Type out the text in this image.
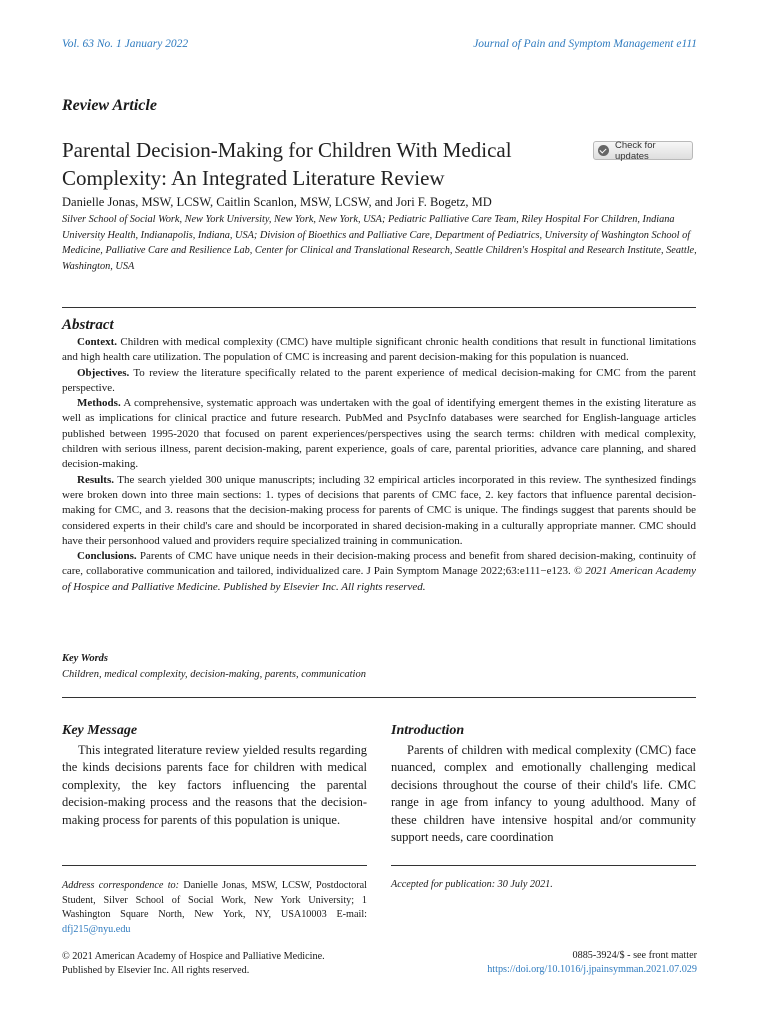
Vol. 63 No. 1 January 2022	Journal of Pain and Symptom Management e111
Review Article
Parental Decision-Making for Children With Medical Complexity: An Integrated Literature Review
Check for updates
Danielle Jonas, MSW, LCSW, Caitlin Scanlon, MSW, LCSW, and Jori F. Bogetz, MD
Silver School of Social Work, New York University, New York, New York, USA; Pediatric Palliative Care Team, Riley Hospital For Children, Indiana University Health, Indianapolis, Indiana, USA; Division of Bioethics and Palliative Care, Department of Pediatrics, University of Washington School of Medicine, Palliative Care and Resilience Lab, Center for Clinical and Translational Research, Seattle Children's Hospital and Research Institute, Seattle, Washington, USA
Abstract

Context. Children with medical complexity (CMC) have multiple significant chronic health conditions that result in functional limitations and high health care utilization. The population of CMC is increasing and parent decision-making for this population is nuanced.

Objectives. To review the literature specifically related to the parent experience of medical decision-making for CMC from the parent perspective.

Methods. A comprehensive, systematic approach was undertaken with the goal of identifying emergent themes in the existing literature as well as implications for clinical practice and future research. PubMed and PsycInfo databases were searched for English-language articles published between 1995-2020 that focused on parent experiences/perspectives using the search terms: children with medical complexity, children with serious illness, parent decision-making, parent experience, goals of care, parental priorities, advance care planning, and shared decision-making.

Results. The search yielded 300 unique manuscripts; including 32 empirical articles incorporated in this review. The synthesized findings were broken down into three main sections: 1. types of decisions that parents of CMC face, 2. key factors that influence parental decision-making for CMC, and 3. reasons that the decision-making process for parents of CMC is unique. The findings suggest that parents should be considered experts in their child's care and should be incorporated in shared decision-making in a culturally appropriate manner. CMC should have their personhood valued and providers require specialized training in communication.

Conclusions. Parents of CMC have unique needs in their decision-making process and benefit from shared decision-making, continuity of care, collaborative communication and tailored, individualized care. J Pain Symptom Manage 2022;63:e111−e123. © 2021 American Academy of Hospice and Palliative Medicine. Published by Elsevier Inc. All rights reserved.

Key Words
Children, medical complexity, decision-making, parents, communication
Key Message

This integrated literature review yielded results regarding the kinds decisions parents face for children with medical complexity, the key factors influencing the parental decision-making process and the reasons that the decision-making process for parents of this population is unique.

Introduction

Parents of children with medical complexity (CMC) face nuanced, complex and emotionally challenging medical decisions throughout the course of their child's life. CMC range in age from infancy to young adulthood. Many of these children have intensive hospital and/or community support needs, care coordination

Address correspondence to: Danielle Jonas, MSW, LCSW, Postdoctoral Student, Silver School of Social Work, New York University; 1 Washington Square North, New York, NY, USA10003 E-mail: dfj215@nyu.edu

Accepted for publication: 30 July 2021.
© 2021 American Academy of Hospice and Palliative Medicine.
Published by Elsevier Inc. All rights reserved.
0885-3924/$ - see front matter
https://doi.org/10.1016/j.jpainsymman.2021.07.029
